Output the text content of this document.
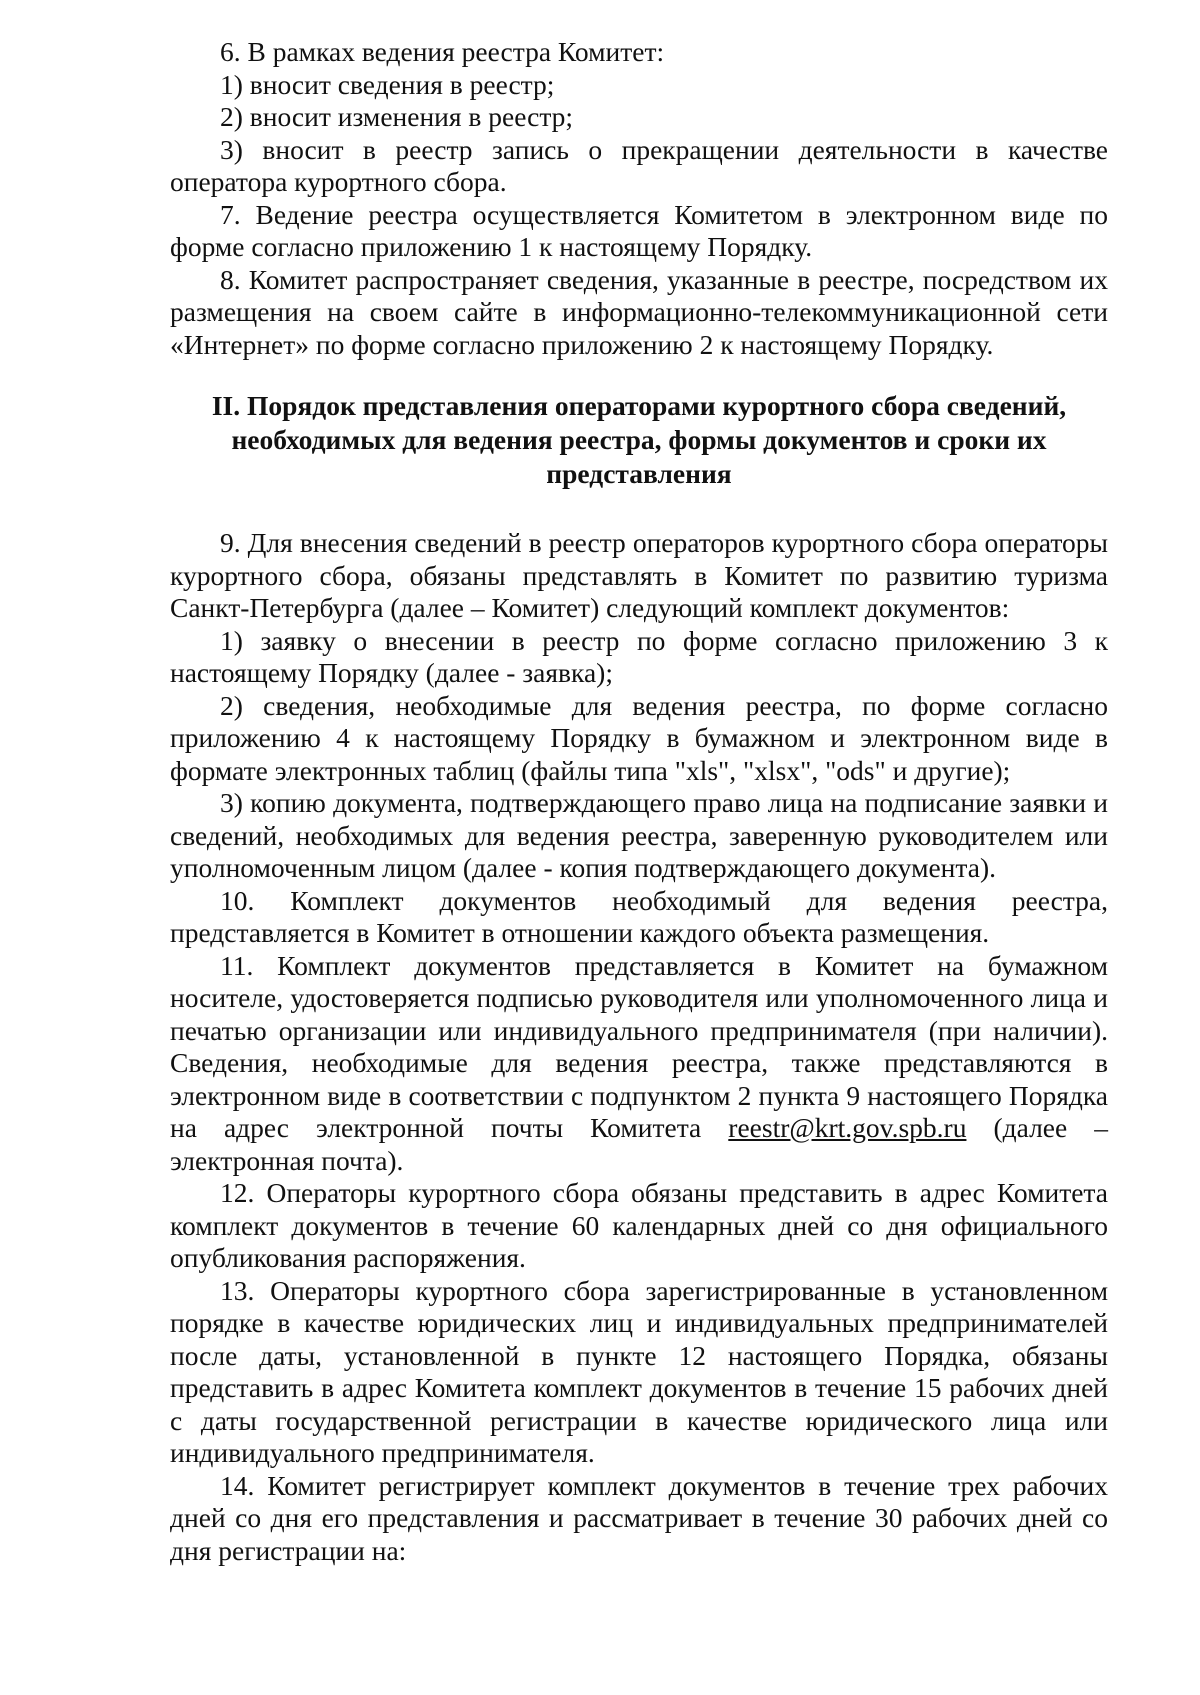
6. В рамках ведения реестра Комитет:

1) вносит сведения в реестр;

2) вносит изменения в реестр;

3) вносит в реестр запись о прекращении деятельности в качестве оператора курортного сбора.

7. Ведение реестра осуществляется Комитетом в электронном виде по форме согласно приложению 1 к настоящему Порядку.

8. Комитет распространяет сведения, указанные в реестре, посредством их размещения на своем сайте в информационно-телекоммуникационной сети «Интернет» по форме согласно приложению 2 к настоящему Порядку.

II. Порядок представления операторами курортного сбора сведений, необходимых для ведения реестра, формы документов и сроки их представления

9. Для внесения сведений в реестр операторов курортного сбора операторы курортного сбора, обязаны представлять в Комитет по развитию туризма Санкт-Петербурга (далее – Комитет) следующий комплект документов:

1) заявку о внесении в реестр по форме согласно приложению 3 к настоящему Порядку (далее - заявка);

2) сведения, необходимые для ведения реестра, по форме согласно приложению 4 к настоящему Порядку в бумажном и электронном виде в формате электронных таблиц (файлы типа "xls", "xlsx", "ods" и другие);

3) копию документа, подтверждающего право лица на подписание заявки и сведений, необходимых для ведения реестра, заверенную руководителем или уполномоченным лицом (далее - копия подтверждающего документа).

10. Комплект документов необходимый для ведения реестра, представляется в Комитет в отношении каждого объекта размещения.

11. Комплект документов представляется в Комитет на бумажном носителе, удостоверяется подписью руководителя или уполномоченного лица и печатью организации или индивидуального предпринимателя (при наличии). Сведения, необходимые для ведения реестра, также представляются в электронном виде в соответствии с подпунктом 2 пункта 9 настоящего Порядка на адрес электронной почты Комитета reestr@krt.gov.spb.ru (далее – электронная почта).

12. Операторы курортного сбора обязаны представить в адрес Комитета комплект документов в течение 60 календарных дней со дня официального опубликования распоряжения.

13. Операторы курортного сбора зарегистрированные в установленном порядке в качестве юридических лиц и индивидуальных предпринимателей после даты, установленной в пункте 12 настоящего Порядка, обязаны представить в адрес Комитета комплект документов в течение 15 рабочих дней с даты государственной регистрации в качестве юридического лица или индивидуального предпринимателя.

14. Комитет регистрирует комплект документов в течение трех рабочих дней со дня его представления и рассматривает в течение 30 рабочих дней со дня регистрации на:
